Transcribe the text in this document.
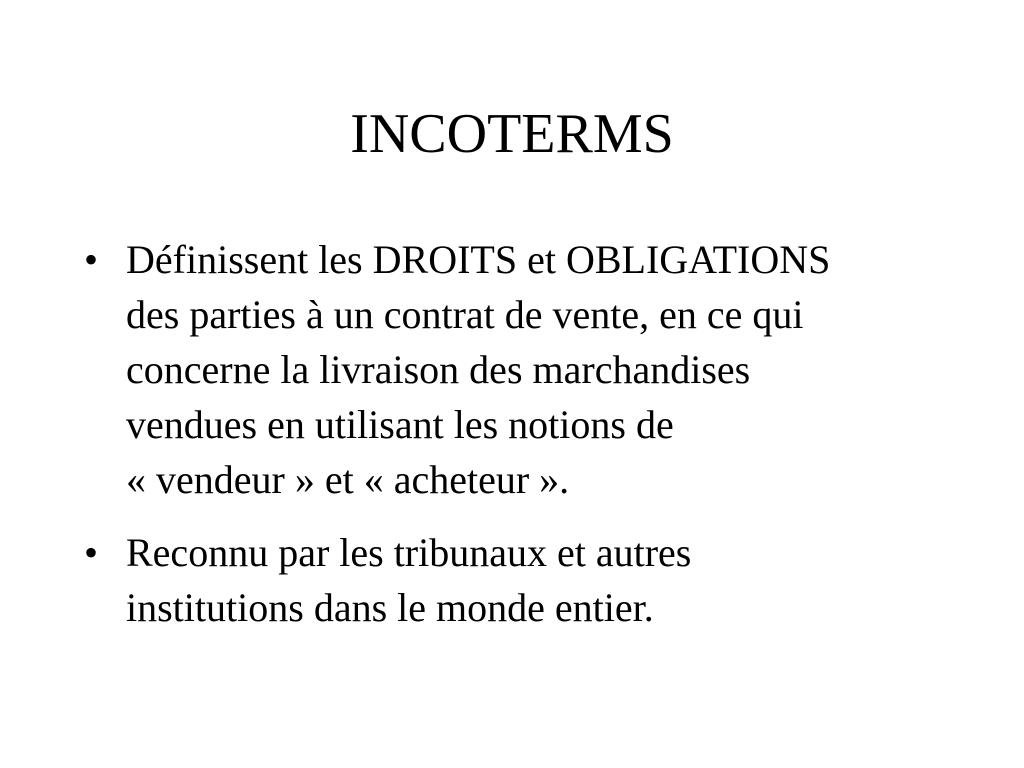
INCOTERMS
• Définissent les DROITS et OBLIGATIONS
des parties à un contrat de vente, en ce qui
concerne la livraison des marchandises
vendues en utilisant les notions de
« vendeur » et « acheteur ».
• Reconnu par les tribunaux et autres
institutions dans le monde entier.
